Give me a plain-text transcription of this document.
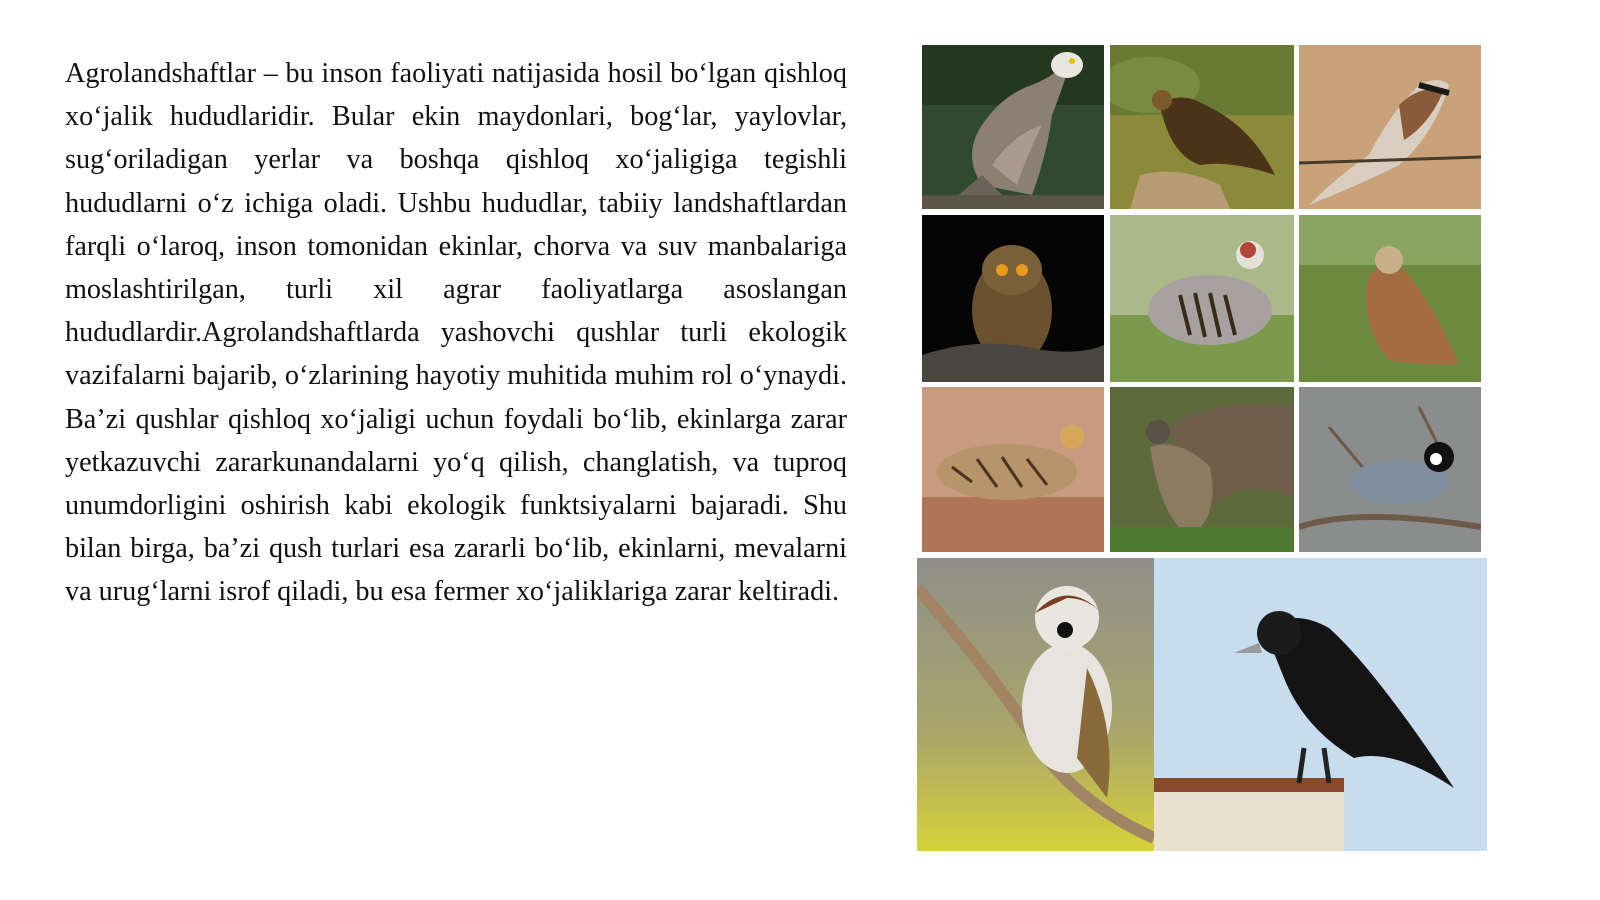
Agrolandshaftlar – bu inson faoliyati natijasida hosil bo‘lgan qishloq xo‘jalik hududlaridir. Bular ekin maydonlari, bog‘lar, yaylovlar, sug‘oriladigan yerlar va boshqa qishloq xo‘jaligiga tegishli hududlarni o‘z ichiga oladi. Ushbu hududlar, tabiiy landshaftlardan farqli o‘laroq, inson tomonidan ekinlar, chorva va suv manbalariga moslashtirilgan, turli xil agrar faoliyatlarga asoslangan hududlardir.Agrolandshaftlarda yashovchi qushlar turli ekologik vazifalarni bajarib, o‘zlarining hayotiy muhitida muhim rol o‘ynaydi. Ba’zi qushlar qishloq xo‘jaligi uchun foydali bo‘lib, ekinlarga zarar yetkazuvchi zararkunandalarni yo‘q qilish, changlatish, va tuproq unumdorligini oshirish kabi ekologik funktsiyalarni bajaradi. Shu bilan birga, ba’zi qush turlari esa zararli bo‘lib, ekinlarni, mevalarni va urug‘larni isrof qiladi, bu esa fermer xo‘jaliklariga zarar keltiradi.
